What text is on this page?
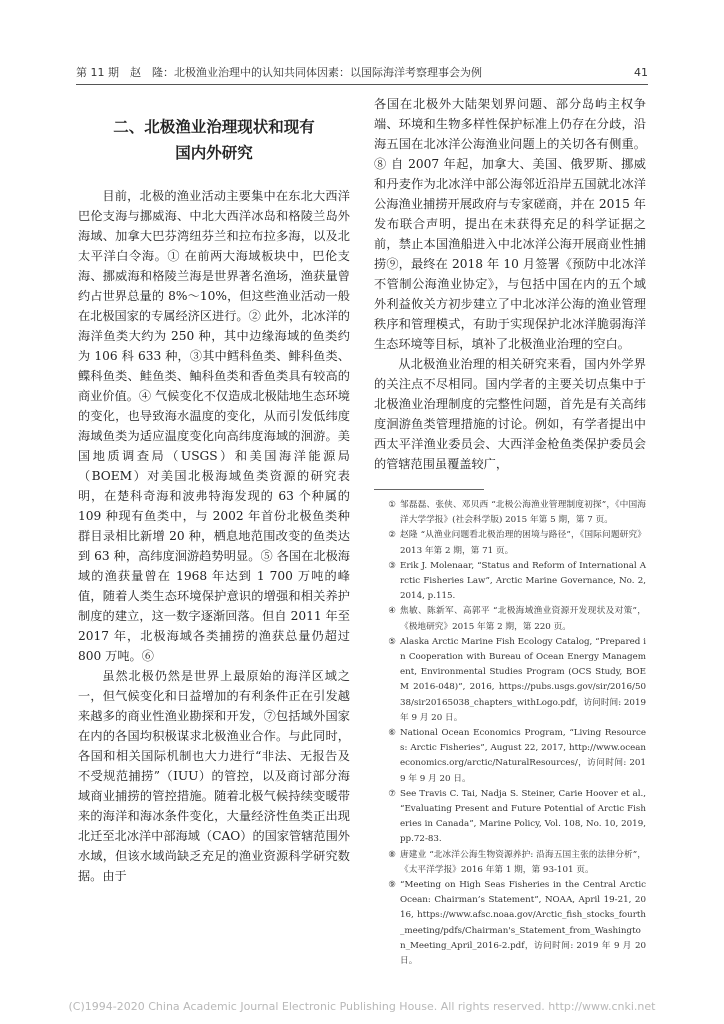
第 11 期　赵　隆：北极渔业治理中的认知共同体因素：以国际海洋考察理事会为例	41
二、北极渔业治理现状和现有
国内外研究

目前，北极的渔业活动主要集中在东北大西洋巴伦支海与挪威海、中北大西洋冰岛和格陵兰岛外海域、加拿大巴芬湾纽芬兰和拉布拉多海，以及北太平洋白令海。① 在前两大海域板块中，巴伦支海、挪威海和格陵兰海是世界著名渔场，渔获量曾约占世界总量的 8%～10%，但这些渔业活动一般在北极国家的专属经济区进行。② 此外，北冰洋的海洋鱼类大约为 250 种，其中边缘海域的鱼类约为 106 科 633 种，③其中鳕科鱼类、鲱科鱼类、鲽科鱼类、鲑鱼类、鲉科鱼类和香鱼类具有较高的商业价值。④ 气候变化不仅造成北极陆地生态环境的变化，也导致海水温度的变化，从而引发低纬度海域鱼类为适应温度变化向高纬度海域的洄游。美国地质调查局（USGS）和美国海洋能源局（BOEM）对美国北极海域鱼类资源的研究表明，在楚科奇海和波弗特海发现的 63 个种属的 109 种现有鱼类中，与 2002 年首份北极鱼类种群目录相比新增 20 种，栖息地范围改变的鱼类达到 63 种，高纬度洄游趋势明显。⑤ 各国在北极海域的渔获量曾在 1968 年达到 1 700 万吨的峰值，随着人类生态环境保护意识的增强和相关养护制度的建立，这一数字逐渐回落。但自 2011 年至 2017 年，北极海域各类捕捞的渔获总量仍超过 800 万吨。⑥

虽然北极仍然是世界上最原始的海洋区域之一，但气候变化和日益增加的有利条件正在引发越来越多的商业性渔业勘探和开发，⑦包括域外国家在内的各国均积极谋求北极渔业合作。与此同时，各国和相关国际机制也大力进行“非法、无报告及不受规范捕捞”（IUU）的管控，以及商讨部分海域商业捕捞的管控措施。随着北极气候持续变暖带来的海洋和海冰条件变化，大量经济性鱼类正出现北迁至北冰洋中部海域（CAO）的国家管辖范围外水域，但该水域尚缺乏充足的渔业资源科学研究数据。由于

各国在北极外大陆架划界问题、部分岛屿主权争端、环境和生物多样性保护标准上仍存在分歧，沿海五国在北冰洋公海渔业问题上的关切各有侧重。⑧ 自 2007 年起，加拿大、美国、俄罗斯、挪威和丹麦作为北冰洋中部公海邻近沿岸五国就北冰洋公海渔业捕捞开展政府与专家磋商，并在 2015 年发布联合声明，提出在未获得充足的科学证据之前，禁止本国渔船进入中北冰洋公海开展商业性捕捞⑨，最终在 2018 年 10 月签署《预防中北冰洋不管制公海渔业协定》，与包括中国在内的五个域外利益攸关方初步建立了中北冰洋公海的渔业管理秩序和管理模式，有助于实现保护北冰洋脆弱海洋生态环境等目标，填补了北极渔业治理的空白。

从北极渔业治理的相关研究来看，国内外学界的关注点不尽相同。国内学者的主要关切点集中于北极渔业治理制度的完整性问题，首先是有关高纬度洄游鱼类管理措施的讨论。例如，有学者提出中西太平洋渔业委员会、大西洋金枪鱼类保护委员会的管辖范围虽覆盖较广，

① 邹磊磊、张侠、邓贝西 “北极公海渔业管理制度初探”，《中国海洋大学学报》(社会科学版) 2015 年第 5 期，第 7 页。
② 赵隆 “从渔业问题看北极治理的困境与路径”，《国际问题研究》2013 年第 2 期，第 71 页。
③ Erik J. Molenaar, “Status and Reform of International Arctic Fisheries Law”, Arctic Marine Governance, No. 2, 2014, p.115.
④ 焦敏、陈新军、高郭平 “北极海域渔业资源开发现状及对策”，《极地研究》2015 年第 2 期，第 220 页。
⑤ Alaska Arctic Marine Fish Ecology Catalog, “Prepared in Cooperation with Bureau of Ocean Energy Management, Environmental Studies Program (OCS Study, BOEM 2016-048)”, 2016, https://pubs.usgs.gov/sir/2016/5038/sir20165038_chapters_withLogo.pdf，访问时间: 2019 年 9 月 20 日。
⑥ National Ocean Economics Program, “Living Resources: Arctic Fisheries”, August 22, 2017, http://www.oceaneconomics.org/arctic/NaturalResources/，访问时间: 2019 年 9 月 20 日。
⑦ See Travis C. Tai, Nadja S. Steiner, Carie Hoover et al., “Evaluating Present and Future Potential of Arctic Fisheries in Canada”, Marine Policy, Vol. 108, No. 10, 2019, pp.72-83.
⑧ 唐建业 “北冰洋公海生物资源养护: 沿海五国主张的法律分析”，《太平洋学报》2016 年第 1 期，第 93-101 页。
⑨ “Meeting on High Seas Fisheries in the Central Arctic Ocean: Chairman’s Statement”, NOAA, April 19-21, 2016, https://www.afsc.noaa.gov/Arctic_fish_stocks_fourth_meeting/pdfs/Chairman's_Statement_from_Washington_Meeting_April_2016-2.pdf，访问时间: 2019 年 9 月 20 日。
(C)1994-2020 China Academic Journal Electronic Publishing House. All rights reserved. http://www.cnki.net
